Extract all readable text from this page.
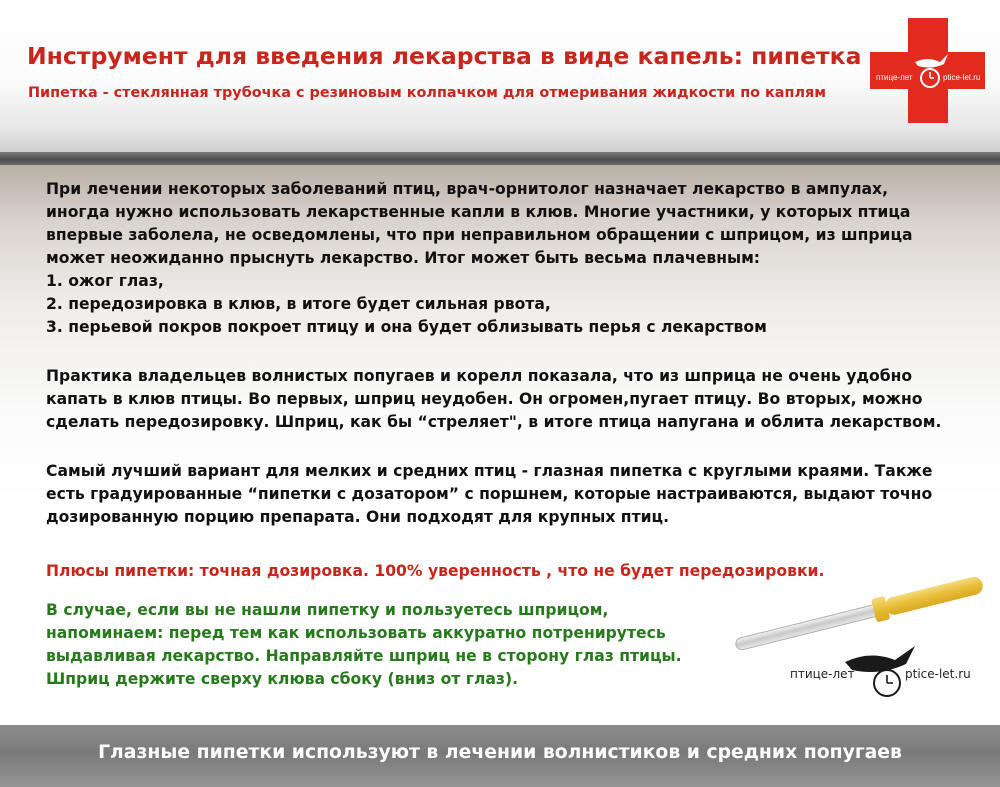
Инструмент для введения лекарства в виде капель: пипетка
Пипетка - стеклянная трубочка с резиновым колпачком для отмеривания жидкости по каплям
птице-лет	ptice-let.ru
При лечении некоторых заболеваний птиц, врач-орнитолог назначает лекарство в ампулах,
иногда нужно использовать лекарственные капли в клюв. Многие участники, у которых птица
впервые заболела, не осведомлены, что при неправильном обращении с шприцом, из шприца
может неожиданно прыснуть лекарство. Итог может быть весьма плачевным:
1. ожог глаз,
2. передозировка в клюв, в итоге будет сильная рвота,
3. перьевой покров покроет птицу и она будет облизывать перья с лекарством
Практика владельцев волнистых попугаев и корелл показала, что из шприца не очень удобно
капать в клюв птицы. Во первых, шприц неудобен. Он огромен,пугает птицу. Во вторых, можно
сделать передозировку. Шприц, как бы “стреляет", в итоге птица напугана и облита лекарством.
Самый лучший вариант для мелких и средних птиц - глазная пипетка с круглыми краями. Также
есть градуированные “пипетки с дозатором” с поршнем, которые настраиваются, выдают точно
дозированную порцию препарата. Они подходят для крупных птиц.
Плюсы пипетки: точная дозировка. 100% уверенность , что не будет передозировки.
В случае, если вы не нашли пипетку и пользуетесь шприцом,
напоминаем: перед тем как использовать аккуратно потренирутесь
выдавливая лекарство. Направляйте шприц не в сторону глаз птицы.
Шприц держите сверху клюва сбоку (вниз от глаз).	птице-лет	ptice-let.ru
Глазные пипетки используют в лечении волнистиков и средних попугаев
